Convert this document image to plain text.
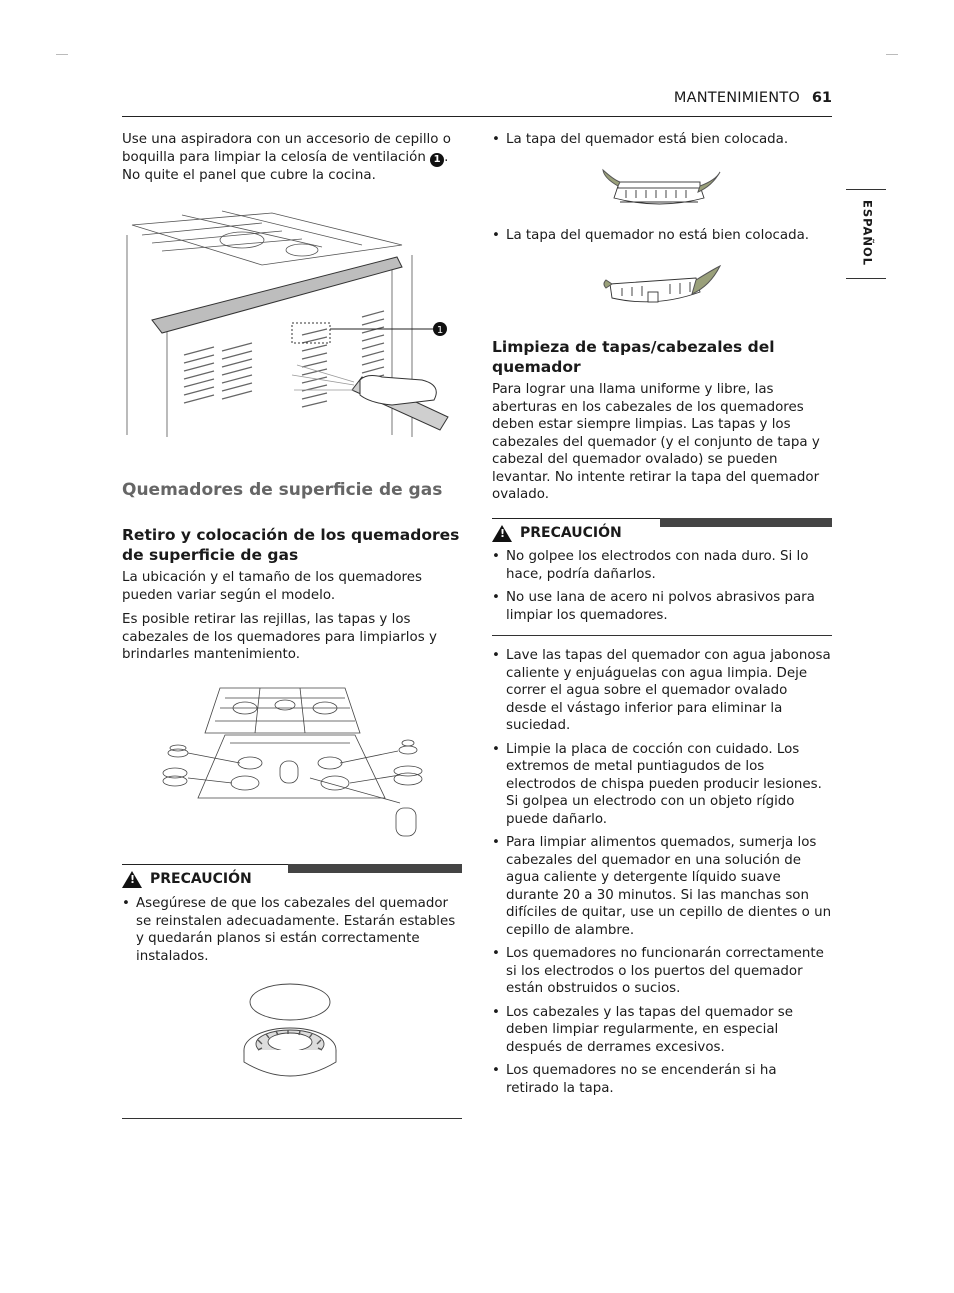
MANTENIMIENTO 61
ESPAÑOL

Use una aspiradora con un accesorio de cepillo o boquilla para limpiar la celosía de ventilación 1 . No quite el panel que cubre la cocina.

1
Quemadores de superficie de gas
Retiro y colocación de los quemadores de superficie de gas

La ubicación y el tamaño de los quemadores pueden variar según el modelo.

Es posible retirar las rejillas, las tapas y los cabezales de los quemadores para limpiarlos y brindarles mantenimiento.

! PRECAUCIÓN
• Asegúrese de que los cabezales del quemador se reinstalen adecuadamente. Estarán estables y quedarán planos si están correctamente instalados.
• La tapa del quemador está bien colocada.
• La tapa del quemador no está bien colocada.
Limpieza de tapas/cabezales del quemador

Para lograr una llama uniforme y libre, las aberturas en los cabezales de los quemadores deben estar siempre limpias. Las tapas y los cabezales del quemador (y el conjunto de tapa y cabezal del quemador ovalado) se pueden levantar. No intente retirar la tapa del quemador ovalado.

! PRECAUCIÓN
• No golpee los electrodos con nada duro. Si lo hace, podría dañarlos.
• No use lana de acero ni polvos abrasivos para limpiar los quemadores.
• Lave las tapas del quemador con agua jabonosa caliente y enjuáguelas con agua limpia. Deje correr el agua sobre el quemador ovalado desde el vástago inferior para eliminar la suciedad.
• Limpie la placa de cocción con cuidado. Los extremos de metal puntiagudos de los electrodos de chispa pueden producir lesiones. Si golpea un electrodo con un objeto rígido puede dañarlo.
• Para limpiar alimentos quemados, sumerja los cabezales del quemador en una solución de agua caliente y detergente líquido suave durante 20 a 30 minutos. Si las manchas son difíciles de quitar, use un cepillo de dientes o un cepillo de alambre.
• Los quemadores no funcionarán correctamente si los electrodos o los puertos del quemador están obstruidos o sucios.
• Los cabezales y las tapas del quemador se deben limpiar regularmente, en especial después de derrames excesivos.
• Los quemadores no se encenderán si ha retirado la tapa.
